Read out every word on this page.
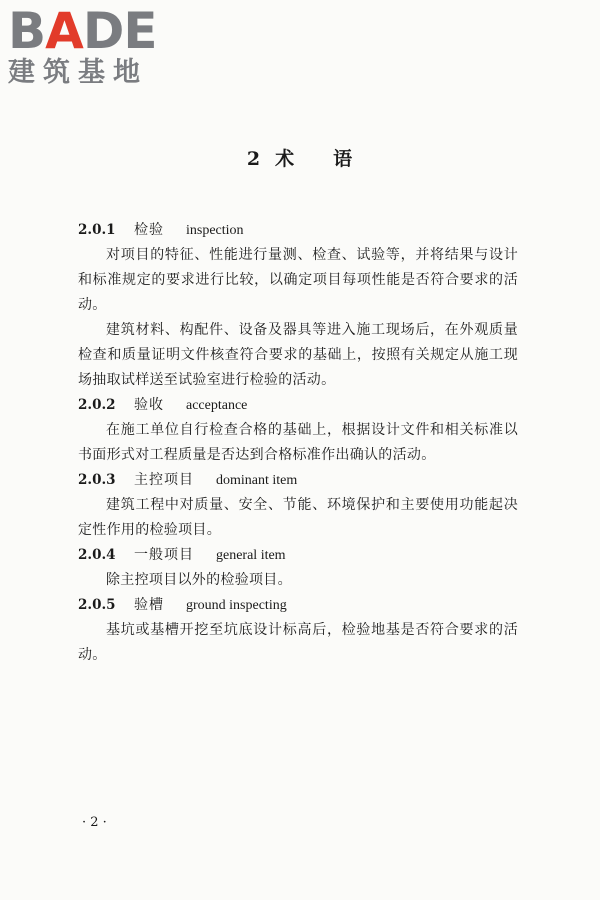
BADE
建筑基地
2 术 语
2.0.1 检验 inspection
对项目的特征、性能进行量测、检查、试验等，并将结果与设计和标准规定的要求进行比较，以确定项目每项性能是否符合要求的活动。
建筑材料、构配件、设备及器具等进入施工现场后，在外观质量检查和质量证明文件核查符合要求的基础上，按照有关规定从施工现场抽取试样送至试验室进行检验的活动。
2.0.2 验收 acceptance
在施工单位自行检查合格的基础上，根据设计文件和相关标准以书面形式对工程质量是否达到合格标准作出确认的活动。
2.0.3 主控项目 dominant item
建筑工程中对质量、安全、节能、环境保护和主要使用功能起决定性作用的检验项目。
2.0.4 一般项目 general item
除主控项目以外的检验项目。
2.0.5 验槽 ground inspecting
基坑或基槽开挖至坑底设计标高后，检验地基是否符合要求的活动。
· 2 ·
